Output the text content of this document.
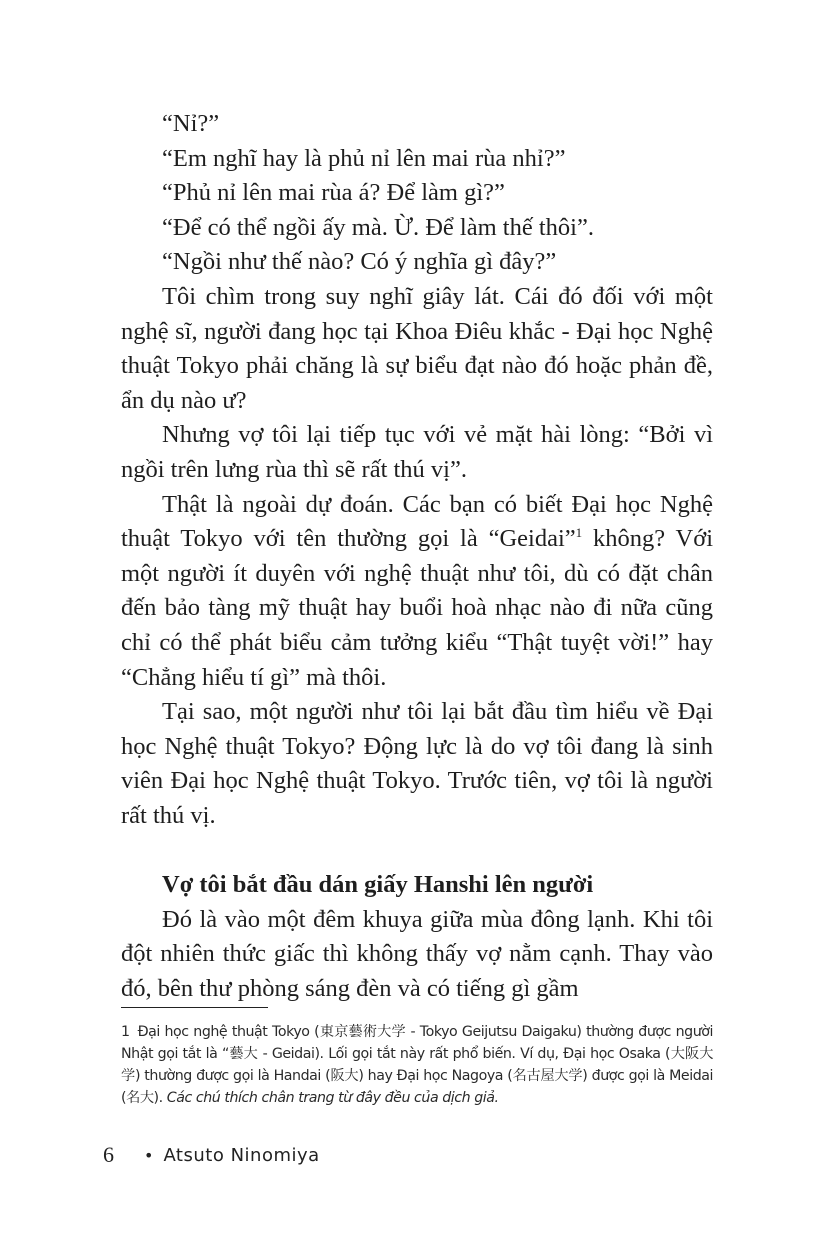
“Nỉ?”

“Em nghĩ hay là phủ nỉ lên mai rùa nhỉ?”

“Phủ nỉ lên mai rùa á? Để làm gì?”

“Để có thể ngồi ấy mà. Ừ. Để làm thế thôi”.

“Ngồi như thế nào? Có ý nghĩa gì đây?”

Tôi chìm trong suy nghĩ giây lát. Cái đó đối với một nghệ sĩ, người đang học tại Khoa Điêu khắc - Đại học Nghệ thuật Tokyo phải chăng là sự biểu đạt nào đó hoặc phản đề, ẩn dụ nào ư?

Nhưng vợ tôi lại tiếp tục với vẻ mặt hài lòng: “Bởi vì ngồi trên lưng rùa thì sẽ rất thú vị”.

Thật là ngoài dự đoán. Các bạn có biết Đại học Nghệ thuật Tokyo với tên thường gọi là “Geidai”$^1$ không? Với một người ít duyên với nghệ thuật như tôi, dù có đặt chân đến bảo tàng mỹ thuật hay buổi hoà nhạc nào đi nữa cũng chỉ có thể phát biểu cảm tưởng kiểu “Thật tuyệt vời!” hay “Chẳng hiểu tí gì” mà thôi.

Tại sao, một người như tôi lại bắt đầu tìm hiểu về Đại học Nghệ thuật Tokyo? Động lực là do vợ tôi đang là sinh viên Đại học Nghệ thuật Tokyo. Trước tiên, vợ tôi là người rất thú vị.

Vợ tôi bắt đầu dán giấy Hanshi lên người

Đó là vào một đêm khuya giữa mùa đông lạnh. Khi tôi đột nhiên thức giấc thì không thấy vợ nằm cạnh. Thay vào đó, bên thư phòng sáng đèn và có tiếng gì gầm

1 Đại học nghệ thuật Tokyo (東京藝術大学 - Tokyo Geijutsu Daigaku) thường được người Nhật gọi tắt là “藝大 - Geidai). Lối gọi tắt này rất phổ biến. Ví dụ, Đại học Osaka (大阪大学) thường được gọi là Handai (阪大) hay Đại học Nagoya (名古屋大学) được gọi là Meidai (名大). Các chú thích chân trang từ đây đều của dịch giả.
6 • Atsuto Ninomiya
